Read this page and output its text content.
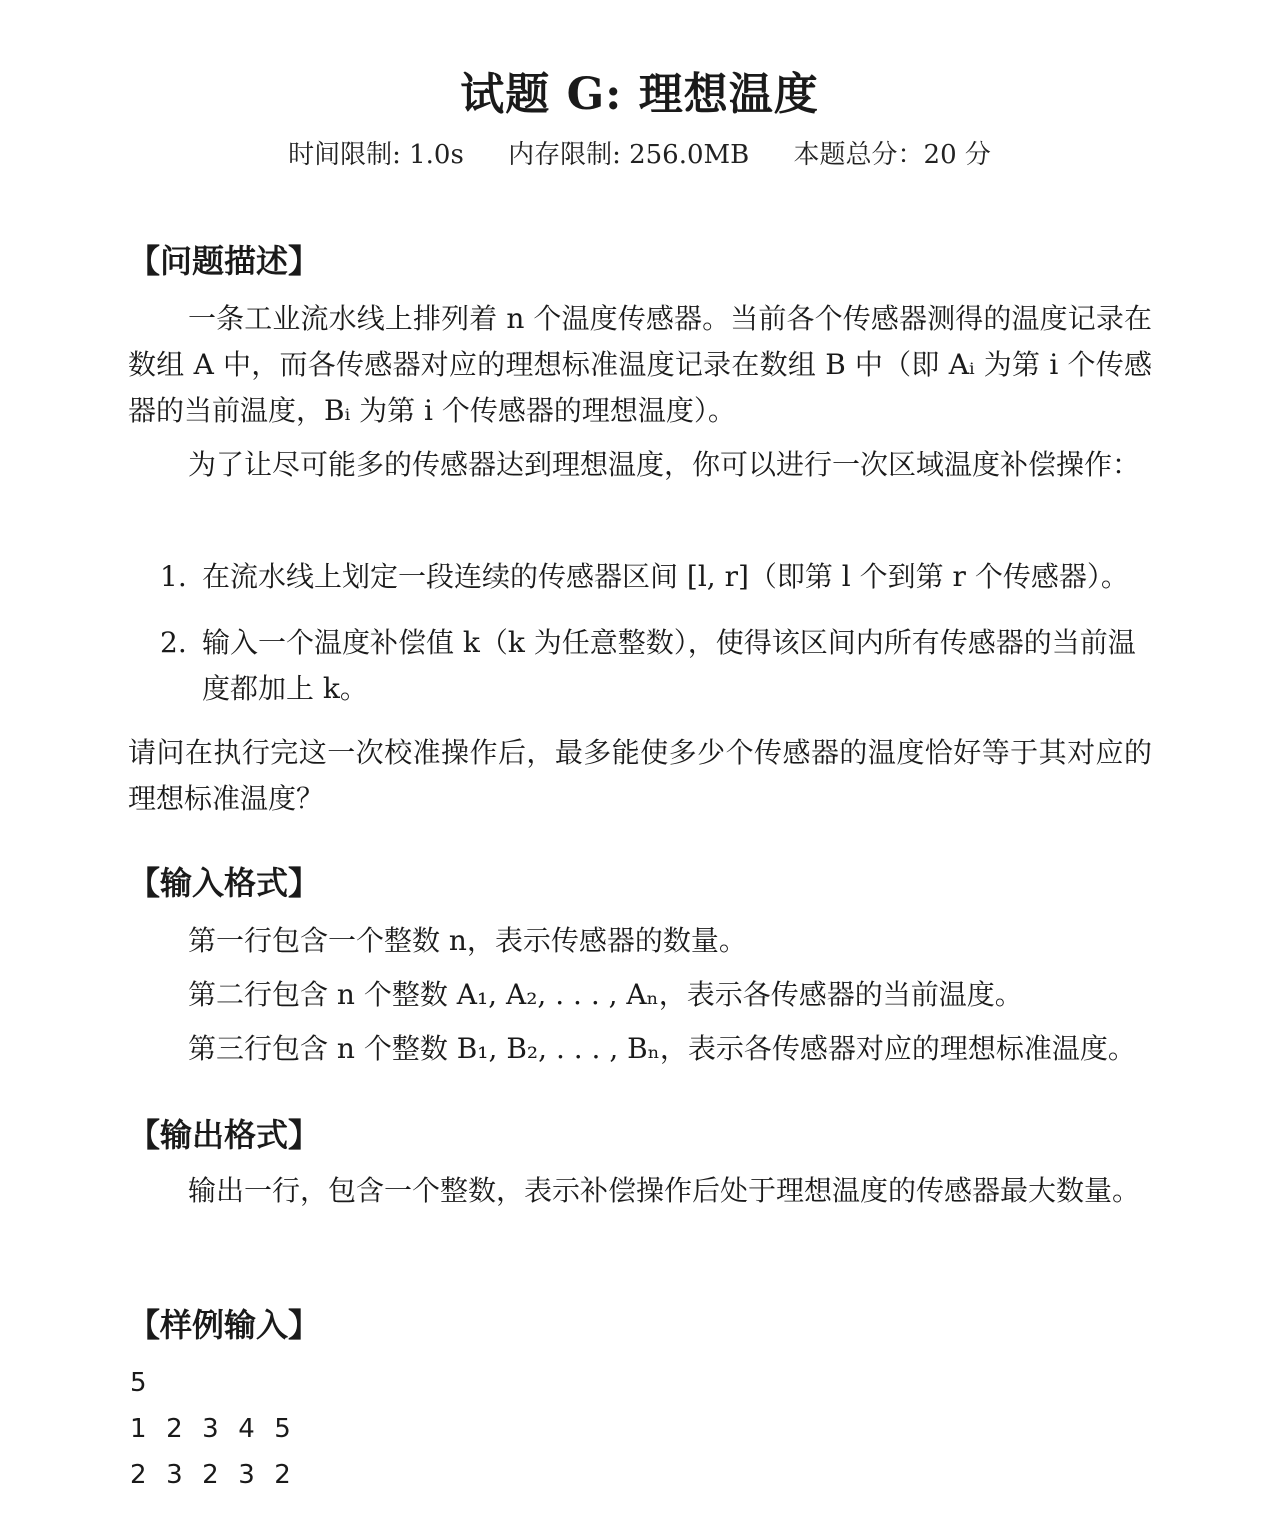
试题 G: 理想温度
时间限制: 1.0s 内存限制: 256.0MB 本题总分：20 分
【问题描述】
一条工业流水线上排列着 n 个温度传感器。当前各个传感器测得的温度记录在数组 A 中，而各传感器对应的理想标准温度记录在数组 B 中（即 Aᵢ 为第 i 个传感器的当前温度，Bᵢ 为第 i 个传感器的理想温度）。
为了让尽可能多的传感器达到理想温度，你可以进行一次区域温度补偿操作：
1. 在流水线上划定一段连续的传感器区间 [l, r]（即第 l 个到第 r 个传感器）。
2. 输入一个温度补偿值 k（k 为任意整数），使得该区间内所有传感器的当前温度都加上 k。
请问在执行完这一次校准操作后，最多能使多少个传感器的温度恰好等于其对应的理想标准温度？
【输入格式】
第一行包含一个整数 n，表示传感器的数量。
第二行包含 n 个整数 A₁, A₂, . . . , Aₙ，表示各传感器的当前温度。
第三行包含 n 个整数 B₁, B₂, . . . , Bₙ，表示各传感器对应的理想标准温度。
【输出格式】
输出一行，包含一个整数，表示补偿操作后处于理想温度的传感器最大数量。
【样例输入】
5
1  2  3  4  5
2  3  2  3  2
